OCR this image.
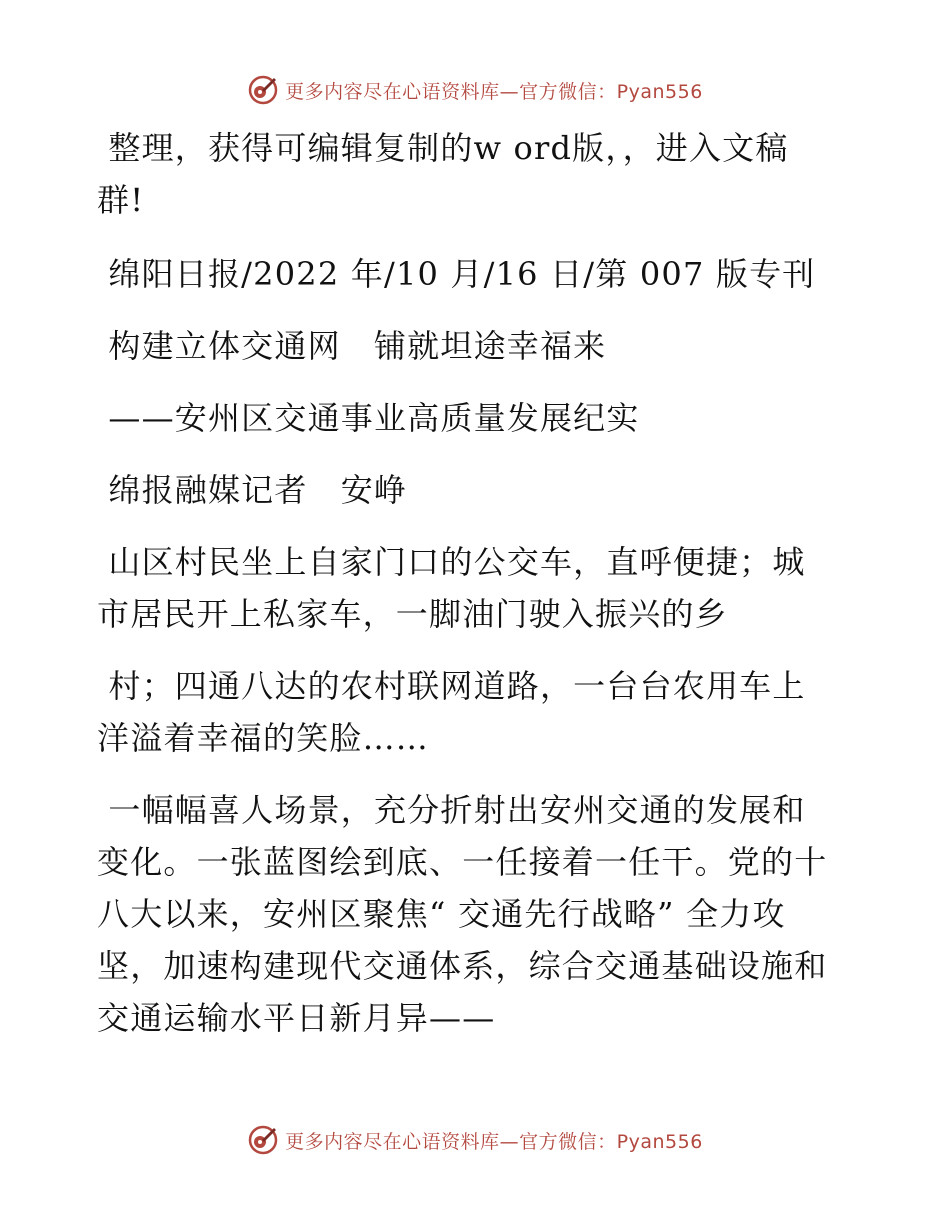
更多内容尽在心语资料库—官方微信：Pyan556
整理，获得可编辑复制的w ord版，，进入文稿
群!
绵阳日报/2022 年/10 月/16 日/第 007 版专刊
构建立体交通网　铺就坦途幸福来
——安州区交通事业高质量发展纪实
绵报融媒记者　安峥
山区村民坐上自家门口的公交车，直呼便捷；城
市居民开上私家车，一脚油门驶入振兴的乡
村；四通八达的农村联网道路，一台台农用车上
洋溢着幸福的笑脸……
一幅幅喜人场景，充分折射出安州交通的发展和
变化。一张蓝图绘到底、一任接着一任干。党的十
八大以来，安州区聚焦“ 交通先行战略” 全力攻
坚，加速构建现代交通体系，综合交通基础设施和
交通运输水平日新月异——
更多内容尽在心语资料库—官方微信：Pyan556
